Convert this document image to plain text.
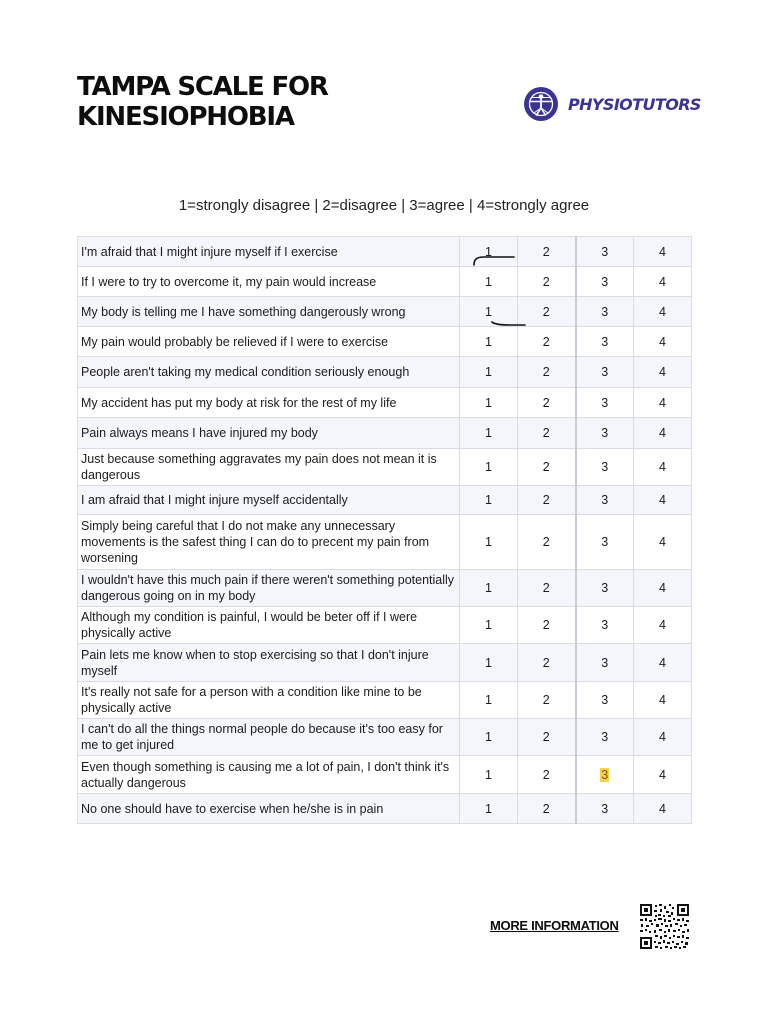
TAMPA SCALE FOR
KINESIOPHOBIA	PHYSIOTUTORS
1=strongly disagree | 2=disagree | 3=agree | 4=strongly agree
I'm afraid that I might injure myself if I exercise	1	2	3	4
If I were to try to overcome it, my pain would increase	1	2	3	4
My body is telling me I have something dangerously wrong	1	2	3	4
My pain would probably be relieved if I were to exercise	1	2	3	4
People aren't taking my medical condition seriously enough	1	2	3	4
My accident has put my body at risk for the rest of my life	1	2	3	4
Pain always means I have injured my body	1	2	3	4
Just because something aggravates my pain does not mean it is dangerous	1	2	3	4
I am afraid that I might injure myself accidentally	1	2	3	4
Simply being careful that I do not make any unnecessary movements is the safest thing I can do to precent my pain from worsening	1	2	3	4
I wouldn't have this much pain if there weren't something potentially dangerous going on in my body	1	2	3	4
Although my condition is painful, I would be beter off if I were physically active	1	2	3	4
Pain lets me know when to stop exercising so that I don't injure myself	1	2	3	4
It's really not safe for a person with a condition like mine to be physically active	1	2	3	4
I can't do all the things normal people do because it's too easy for me to get injured	1	2	3	4
Even though something is causing me a lot of pain, I don't think it's actually dangerous	1	2	3	4
No one should have to exercise when he/she is in pain	1	2	3	4
MORE INFORMATION
